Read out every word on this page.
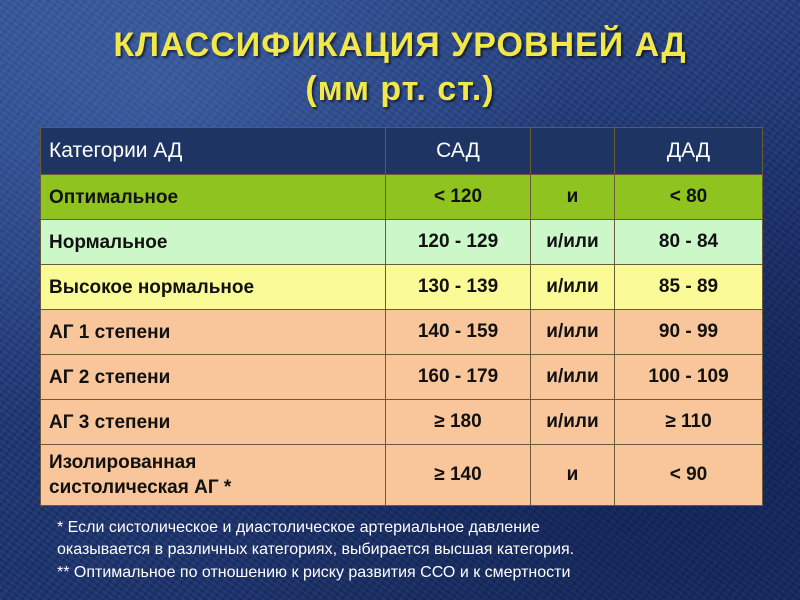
КЛАССИФИКАЦИЯ УРОВНЕЙ АД
(мм рт. ст.)
Категории АД	САД		ДАД
Оптимальное	< 120	и	< 80
Нормальное	120 - 129	и/или	80 - 84
Высокое нормальное	130 - 139	и/или	85 - 89
АГ 1 степени	140 - 159	и/или	90 - 99
АГ 2 степени	160 - 179	и/или	100 - 109
АГ 3 степени	≥ 180	и/или	≥ 110

Изолированная
систолическая АГ *	≥ 140	и	< 90

* Если систолическое и диастолическое артериальное давление

оказывается в различных категориях, выбирается высшая категория.

** Оптимальное по отношению к риску развития ССО и к смертности
